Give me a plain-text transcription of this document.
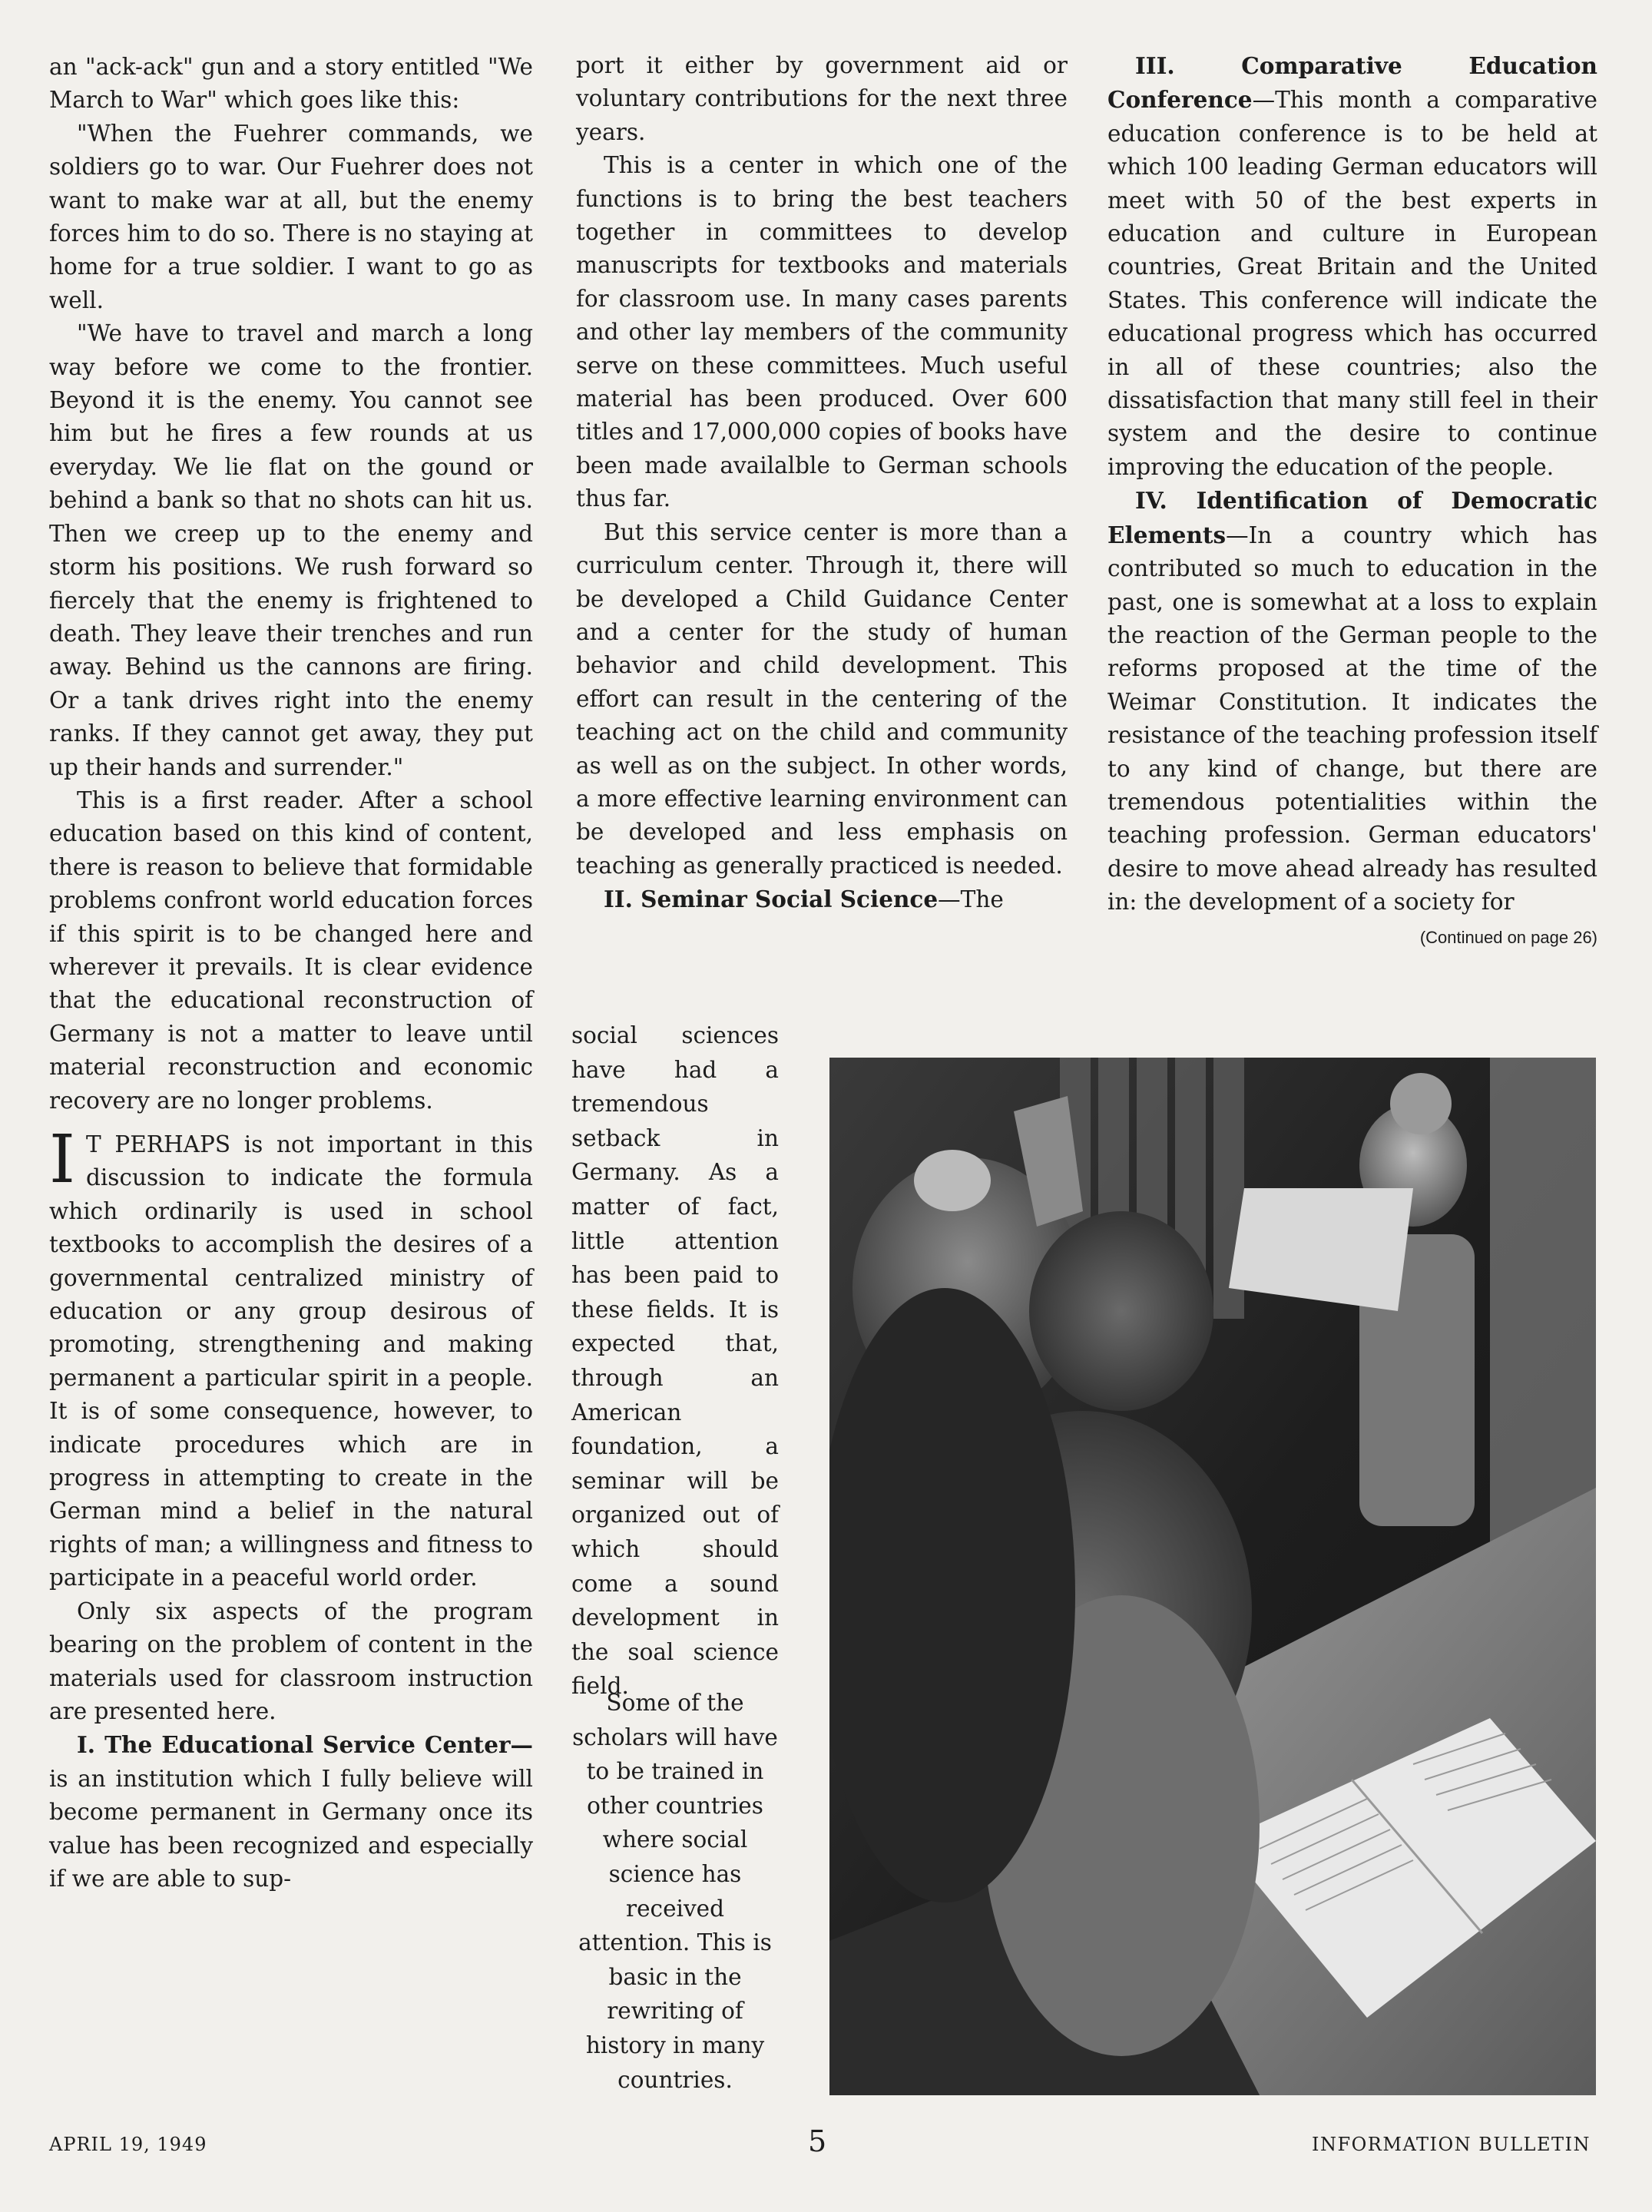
an "ack-ack" gun and a story entitled "We March to War" which goes like this:

"When the Fuehrer commands, we soldiers go to war. Our Fuehrer does not want to make war at all, but the enemy forces him to do so. There is no staying at home for a true soldier. I want to go as well.

"We have to travel and march a long way before we come to the frontier. Beyond it is the enemy. You cannot see him but he fires a few rounds at us everyday. We lie flat on the gound or behind a bank so that no shots can hit us. Then we creep up to the enemy and storm his positions. We rush forward so fiercely that the enemy is frightened to death. They leave their trenches and run away. Behind us the cannons are firing. Or a tank drives right into the enemy ranks. If they cannot get away, they put up their hands and surrender."

This is a first reader. After a school education based on this kind of content, there is reason to believe that formidable problems confront world education forces if this spirit is to be changed here and wherever it prevails. It is clear evidence that the educational reconstruction of Germany is not a matter to leave until material reconstruction and economic recovery are no longer problems.

I T PERHAPS is not important in this discussion to indicate the formula which ordinarily is used in school textbooks to accomplish the desires of a governmental centralized ministry of education or any group desirous of promoting, strengthening and making permanent a particular spirit in a people. It is of some consequence, however, to indicate procedures which are in progress in attempting to create in the German mind a belief in the natural rights of man; a willingness and fitness to participate in a peaceful world order.

Only six aspects of the program bearing on the problem of content in the materials used for classroom instruction are presented here.

I. The Educational Service Center— is an institution which I fully believe will become permanent in Germany once its value has been recognized and especially if we are able to sup-

port it either by government aid or voluntary contributions for the next three years.

This is a center in which one of the functions is to bring the best teachers together in committees to develop manuscripts for textbooks and materials for classroom use. In many cases parents and other lay members of the community serve on these committees. Much useful material has been produced. Over 600 titles and 17,000,000 copies of books have been made availalble to German schools thus far.

But this service center is more than a curriculum center. Through it, there will be developed a Child Guidance Center and a center for the study of human behavior and child development. This effort can result in the centering of the teaching act on the child and community as well as on the subject. In other words, a more effective learning environment can be developed and less emphasis on teaching as generally practiced is needed.

II. Seminar Social Science—The

social sciences have had a tremendous setback in Germany. As a matter of fact, little attention has been paid to these fields. It is expected that, through an American foundation, a seminar will be organized out of which should come a sound development in the soal science field.

Some of the scholars will have to be trained in other countries where social science has received attention. This is basic in the rewriting of history in many countries.

III. Comparative Education Conference—This month a comparative education conference is to be held at which 100 leading German educators will meet with 50 of the best experts in education and culture in European countries, Great Britain and the United States. This conference will indicate the educational progress which has occurred in all of these countries; also the dissatisfaction that many still feel in their system and the desire to continue improving the education of the people.

IV. Identification of Democratic Elements—In a country which has contributed so much to education in the past, one is somewhat at a loss to explain the reaction of the German people to the reforms proposed at the time of the Weimar Constitution. It indicates the resistance of the teaching profession itself to any kind of change, but there are tremendous potentialities within the teaching profession. German educators' desire to move ahead already has resulted in: the development of a society for

(Continued on page 26)

APRIL 19, 1949	5	INFORMATION BULLETIN
